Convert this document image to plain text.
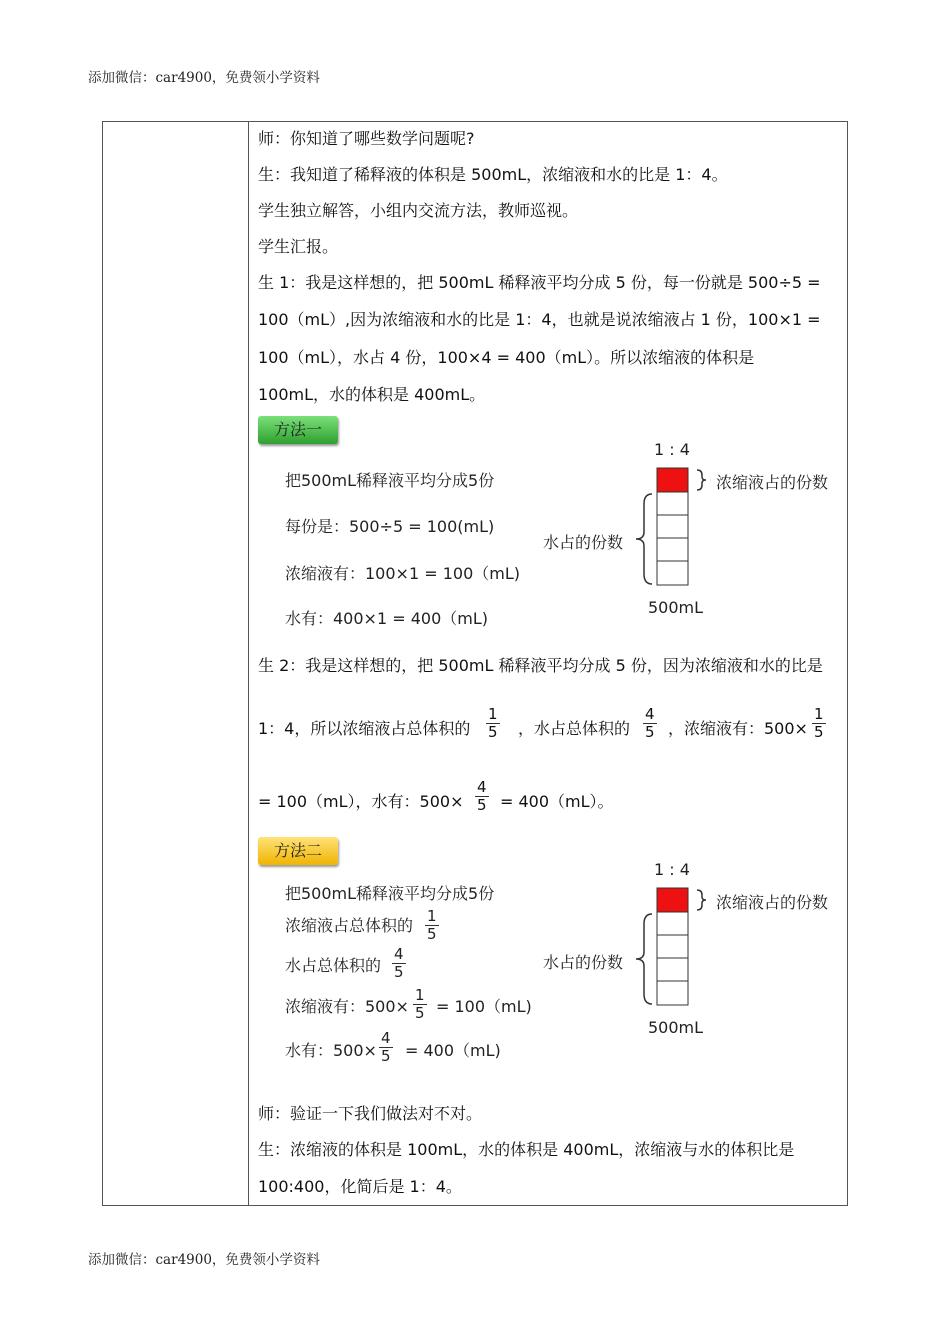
添加微信：car4900，免费领小学资料
师：你知道了哪些数学问题呢?
生：我知道了稀释液的体积是 500mL，浓缩液和水的比是 1：4。
学生独立解答，小组内交流方法，教师巡视。
学生汇报。
生 1：我是这样想的，把 500mL 稀释液平均分成 5 份，每一份就是 500÷5 =
100（mL）,因为浓缩液和水的比是 1：4，也就是说浓缩液占 1 份，100×1 =
100（mL），水占 4 份，100×4 = 400（mL）。所以浓缩液的体积是
100mL，水的体积是 400mL。
方法一
把500mL稀释液平均分成5份
每份是：500÷5 = 100(mL)
浓缩液有：100×1 = 100（mL)
水有：400×1 = 400（mL)
1 : 4
浓缩液占的份数
水占的份数
500mL
生 2：我是这样想的，把 500mL 稀释液平均分成 5 份，因为浓缩液和水的比是
1：4，所以浓缩液占总体积的 $\frac{1}{5}$ ，水占总体积的 $\frac{4}{5}$ ，浓缩液有：$500\times \frac{1}{5}$
= 100（mL），水有：$500\times \frac{4}{5} = 400(mL)$。
方法二
把500mL稀释液平均分成5份
浓缩液占总体积的 1
5
水占总体积的
4
5
浓缩液有：500×
1
5 = 100（mL)
水有：500×
4
5 = 400（mL)
1 : 4
浓缩液占的份数
水占的份数
500mL
师：验证一下我们做法对不对。
生：浓缩液的体积是 100mL，水的体积是 400mL，浓缩液与水的体积比是
100:400，化简后是 1：4。
添加微信：car4900，免费领小学资料
